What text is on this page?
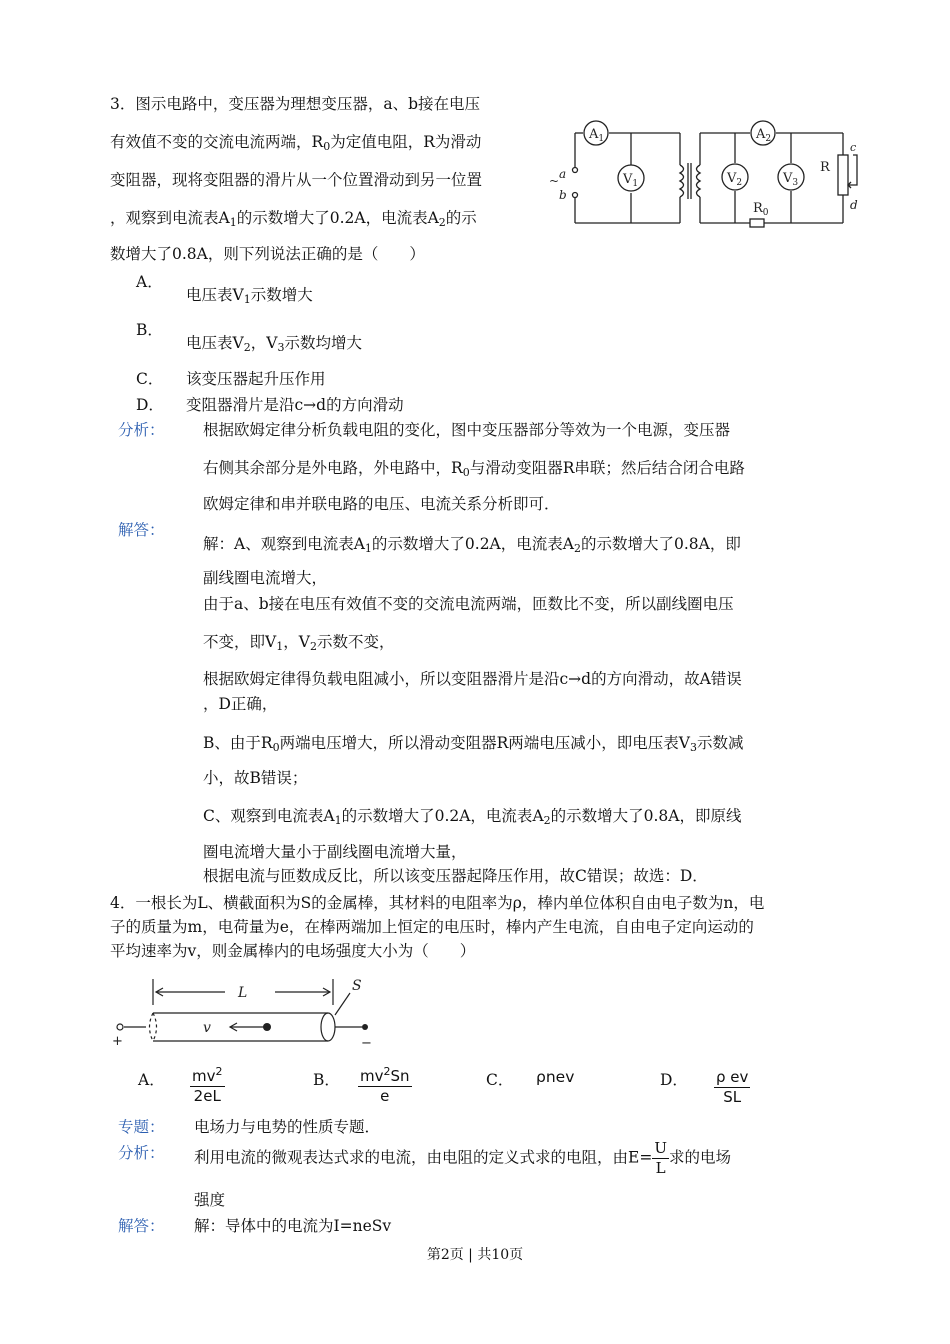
3．图示电路中，变压器为理想变压器，a、b接在电压
有效值不变的交流电流两端，$R_0$为定值电阻，R为滑动
变阻器，现将变阻器的滑片从一个位置滑动到另一位置
，观察到电流表$A_1$的示数增大了0.2A，电流表$A_2$的示
数增大了0.8A，则下列说法正确的是（　　）
$A_1$
$V_1$
$A_2$
$V_2$	$V_3$
$R_0$
R
a
b
~
c
d
A．
电压表$V_1$示数增大
B．
电压表$V_2$，$V_3$示数均增大
C． 该变压器起升压作用
D． 变阻器滑片是沿c→d的方向滑动
分析： 根据欧姆定律分析负载电阻的变化，图中变压器部分等效为一个电源，变压器
右侧其余部分是外电路，外电路中，$R_0$与滑动变阻器R串联；然后结合闭合电路
欧姆定律和串并联电路的电压、电流关系分析即可．
解答：
解：A、观察到电流表$A_1$的示数增大了0.2A，电流表$A_2$的示数增大了0.8A，即
副线圈电流增大，
由于a、b接在电压有效值不变的交流电流两端，匝数比不变，所以副线圈电压
不变，即$V_1$，$V_2$示数不变，
根据欧姆定律得负载电阻减小，所以变阻器滑片是沿c→d的方向滑动，故A错误
，D正确，
B、由于$R_0$两端电压增大，所以滑动变阻器R两端电压减小，即电压表$V_3$示数减
小，故B错误；
C、观察到电流表$A_1$的示数增大了0.2A，电流表$A_2$的示数增大了0.8A，即原线
圈电流增大量小于副线圈电流增大量，
根据电流与匝数成反比，所以该变压器起降压作用，故C错误；故选：D．
4．一根长为L、横截面积为S的金属棒，其材料的电阻率为ρ，棒内单位体积自由电子数为n，电
子的质量为m，电荷量为e，在棒两端加上恒定的电压时，棒内产生电流，自由电子定向运动的
平均速率为v，则金属棒内的电场强度大小为（　　）
L	S
v
+	−
A． $\frac{mv^2}{2eL}$	B． $\frac{mv^2Sn}{e}$	C． ρnev	D． $\frac{\text{ρ ev}}{SL}$
专题： 电场力与电势的性质专题．
分析： 利用电流的微观表达式求的电流，由电阻的定义式求的电阻，由$E= \frac{U}{L}$ 求的电场
强度
解答： 解：导体中的电流为I=neSv
第2页 | 共10页
